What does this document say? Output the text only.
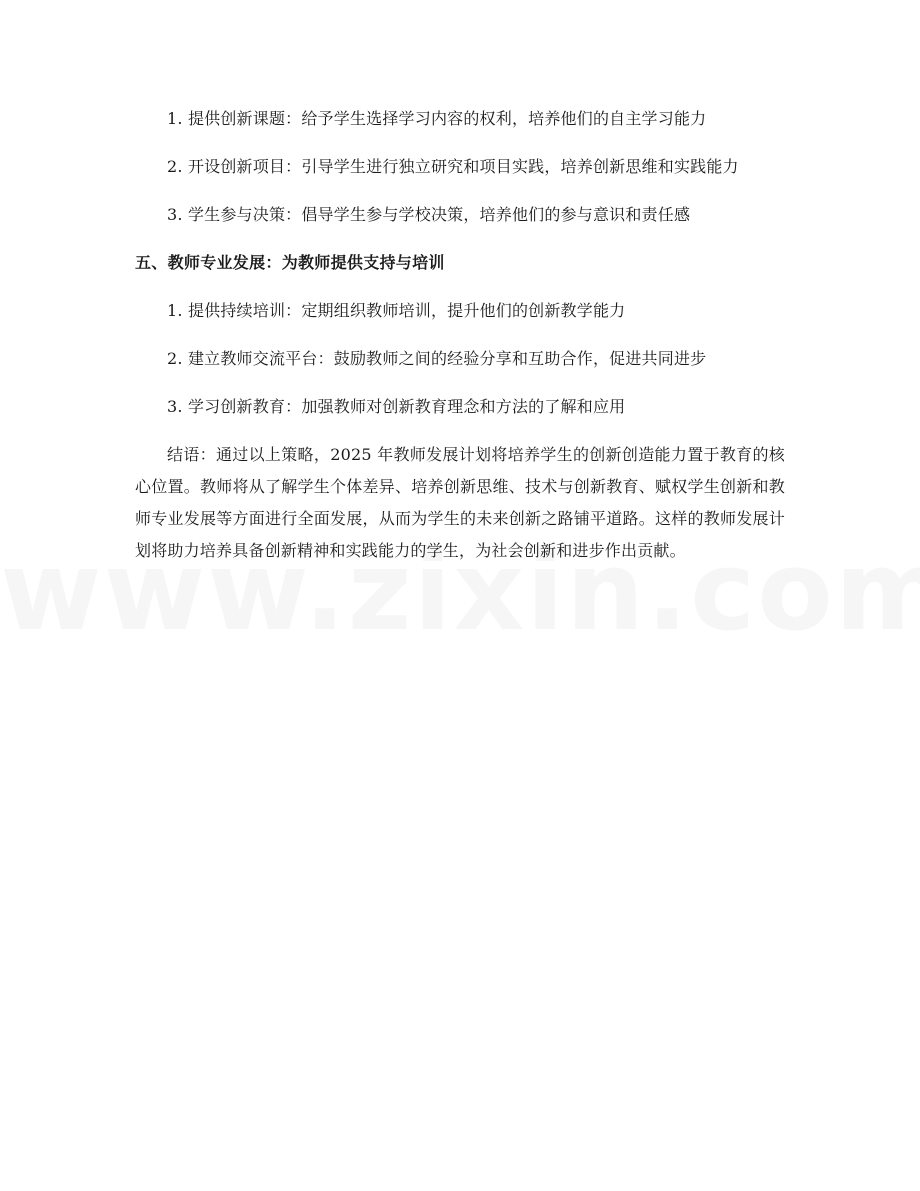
1. 提供创新课题：给予学生选择学习内容的权利，培养他们的自主学习能力

2. 开设创新项目：引导学生进行独立研究和项目实践，培养创新思维和实践能力

3. 学生参与决策：倡导学生参与学校决策，培养他们的参与意识和责任感

五、教师专业发展：为教师提供支持与培训

1. 提供持续培训：定期组织教师培训，提升他们的创新教学能力

2. 建立教师交流平台：鼓励教师之间的经验分享和互助合作，促进共同进步

3. 学习创新教育：加强教师对创新教育理念和方法的了解和应用

结语：通过以上策略，2025 年教师发展计划将培养学生的创新创造能力置于教育的核心位置。教师将从了解学生个体差异、培养创新思维、技术与创新教育、赋权学生创新和教师专业发展等方面进行全面发展，从而为学生的未来创新之路铺平道路。这样的教师发展计划将助力培养具备创新精神和实践能力的学生，为社会创新和进步作出贡献。
